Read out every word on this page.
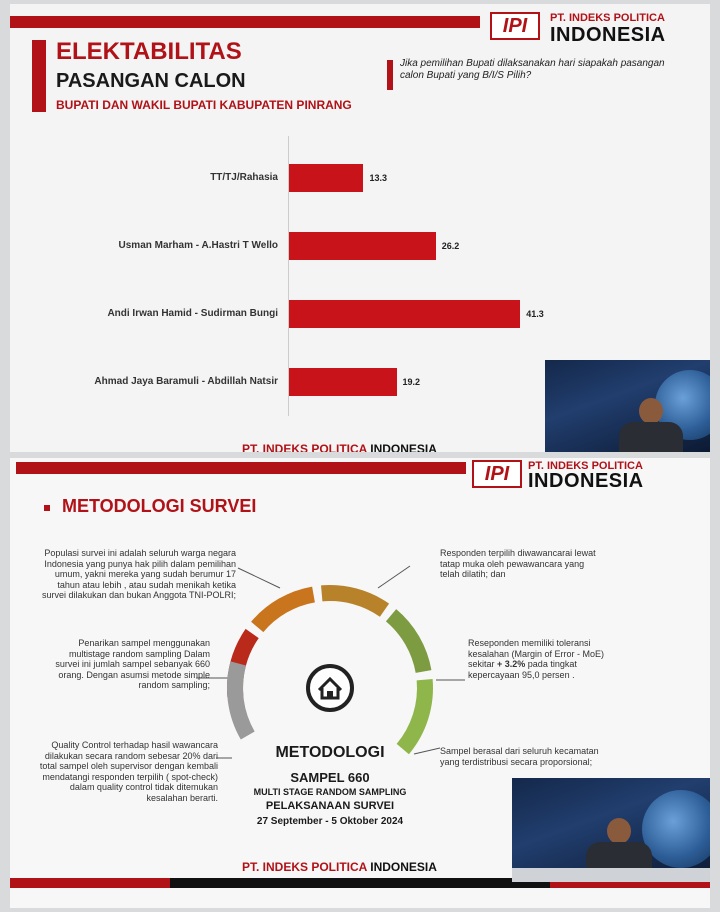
IPI PT. INDEKS POLITICA
INDONESIA
ELEKTABILITAS
PASANGAN CALON
BUPATI DAN WAKIL BUPATI KABUPATEN PINRANG
Jika pemilihan Bupati dilaksanakan hari siapakah pasangan calon Bupati yang B/I/S Pilih?
PT. INDEKS POLITICA INDONESIA
TT/TJ/Rahasia	13.3
Usman Marham - A.Hastri T Wello	26.2
Andi Irwan Hamid - Sudirman Bungi	41.3
Ahmad Jaya Baramuli - Abdillah Natsir	19.2
IPI PT. INDEKS POLITICA
INDONESIA
METODOLOGI SURVEI
Populasi survei ini adalah seluruh warga negara Indonesia yang punya hak pilih dalam pemilihan umum, yakni mereka yang sudah berumur 17 tahun atau lebih , atau sudah menikah ketika survei dilakukan dan bukan Anggota TNI-POLRI;
Penarikan sampel menggunakan multistage random sampling Dalam survei ini jumlah sampel sebanyak 660 orang. Dengan asumsi metode simple random sampling;
Quality Control terhadap hasil wawancara dilakukan secara random sebesar 20% dari total sampel oleh supervisor dengan kembali mendatangi responden terpilih ( spot-check) dalam quality control tidak ditemukan kesalahan berarti.
Responden terpilih diwawancarai lewat tatap muka oleh pewawancara yang telah dilatih; dan
Reseponden memiliki toleransi kesalahan (Margin of Error - MoE) sekitar + 3.2% pada tingkat kepercayaan 95,0 persen .
Sampel berasal dari seluruh kecamatan yang terdistribusi secara proporsional;
METODOLOGI
SAMPEL 660
MULTI STAGE RANDOM SAMPLING
PELAKSANAAN SURVEI
27 September - 5 Oktober 2024
PT. INDEKS POLITICA INDONESIA
